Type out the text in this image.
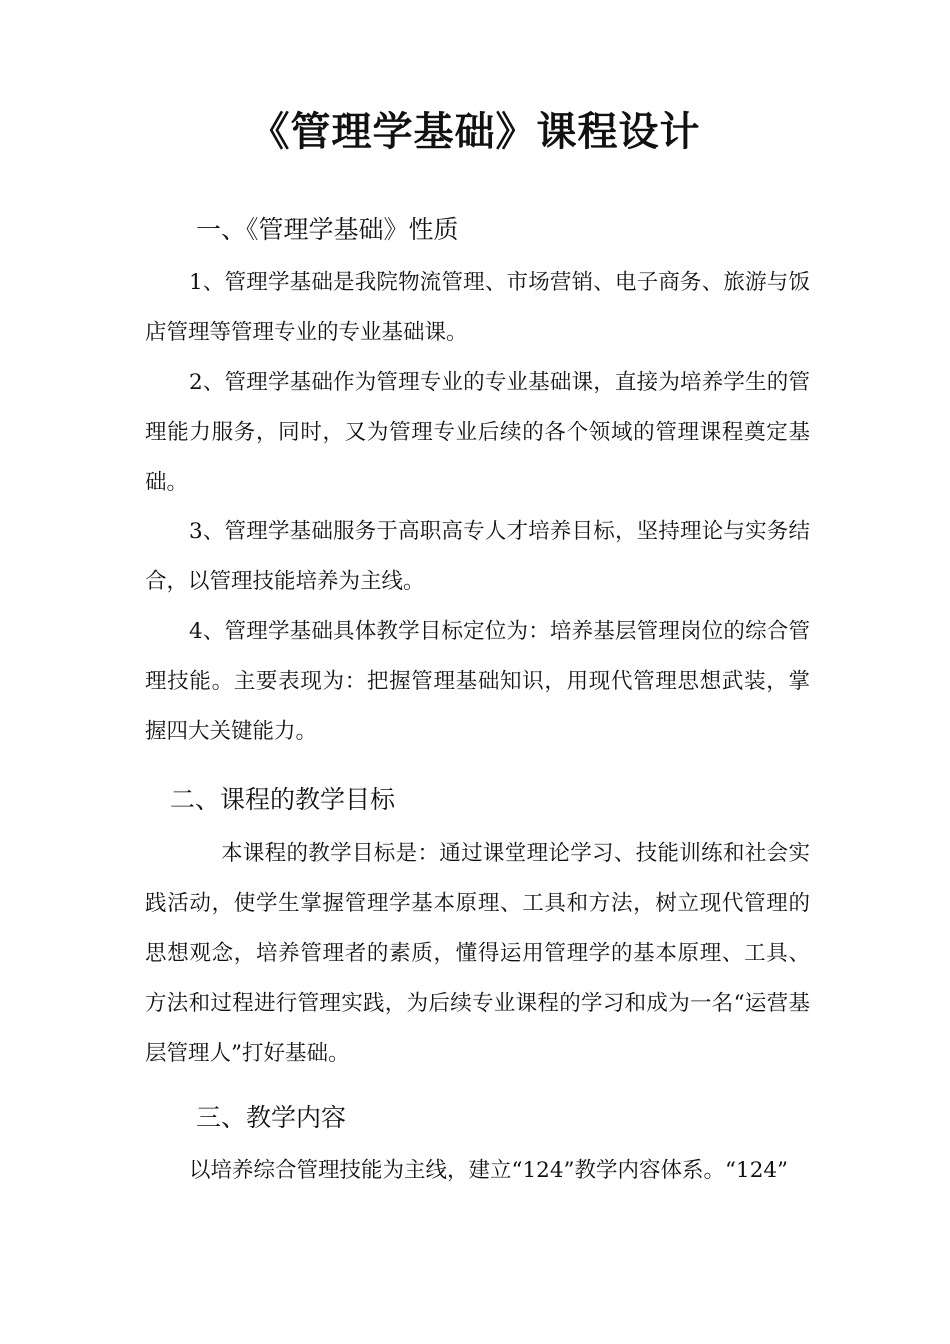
《管理学基础》课程设计
一、《管理学基础》性质

1、管理学基础是我院物流管理、市场营销、电子商务、旅游与饭店管理等管理专业的专业基础课。

2、管理学基础作为管理专业的专业基础课，直接为培养学生的管理能力服务，同时，又为管理专业后续的各个领域的管理课程奠定基础。

3、管理学基础服务于高职高专人才培养目标，坚持理论与实务结合，以管理技能培养为主线。

4、管理学基础具体教学目标定位为：培养基层管理岗位的综合管理技能。主要表现为：把握管理基础知识，用现代管理思想武装，掌握四大关键能力。

二、课程的教学目标

本课程的教学目标是：通过课堂理论学习、技能训练和社会实践活动，使学生掌握管理学基本原理、工具和方法，树立现代管理的思想观念，培养管理者的素质，懂得运用管理学的基本原理、工具、方法和过程进行管理实践，为后续专业课程的学习和成为一名“运营基层管理人”打好基础。

三、教学内容

以培养综合管理技能为主线，建立“124”教学内容体系。“124”
